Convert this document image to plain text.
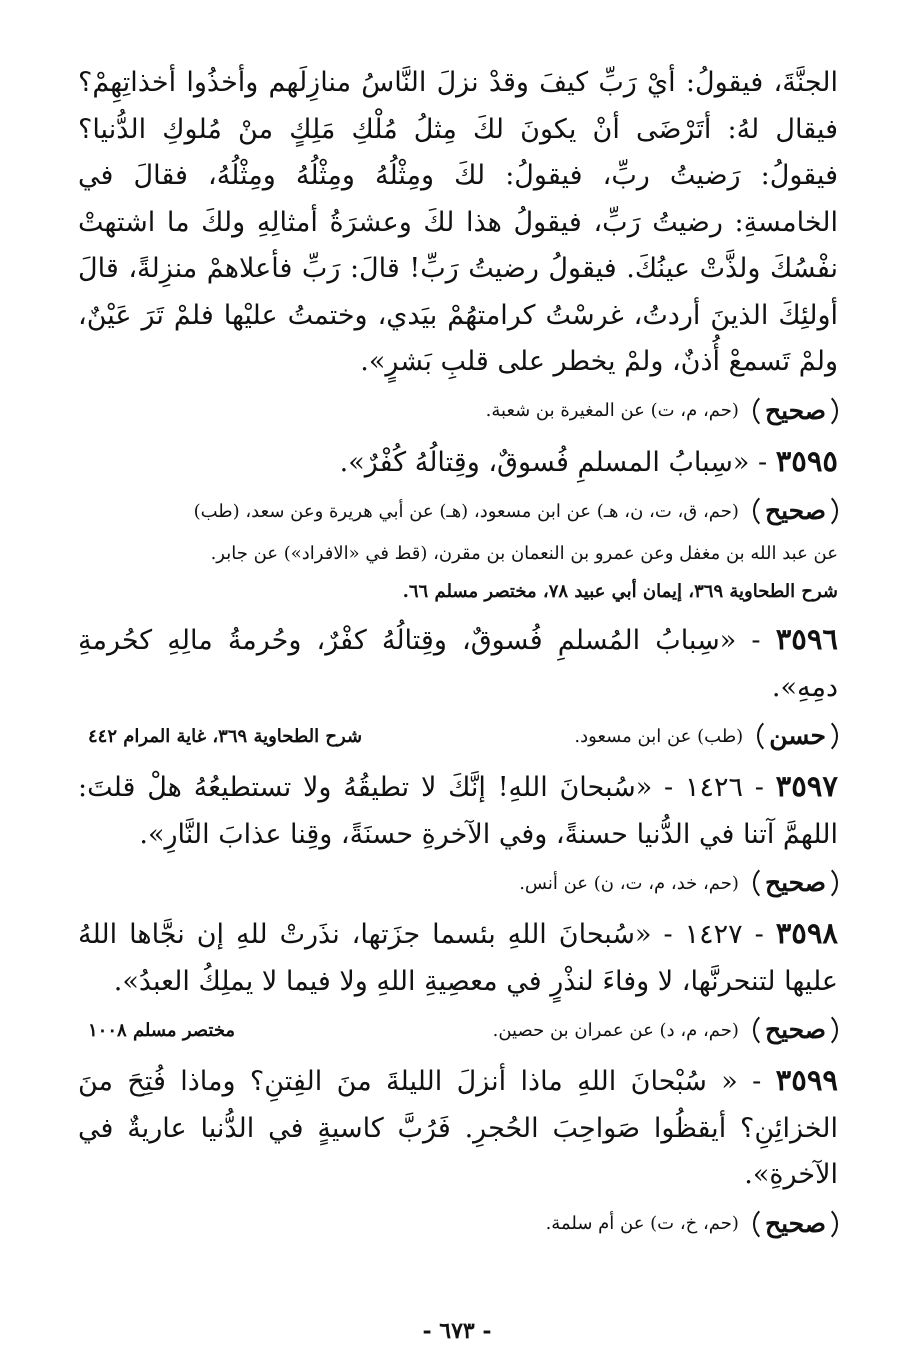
الجنَّةَ، فيقولُ: أيْ رَبِّ كيفَ وقدْ نزلَ النَّاسُ منازِلَهم وأخذُوا أخذاتِهِمْ؟ فيقال لهُ: أتَرْضَى أنْ يكونَ لكَ مِثلُ مُلْكِ مَلِكٍ منْ مُلوكِ الدُّنيا؟ فيقولُ: رَضيتُ ربِّ، فيقولُ: لكَ ومِثْلُهُ ومِثْلُهُ ومِثْلُهُ، فقالَ في الخامسةِ: رضيتُ رَبِّ، فيقولُ هذا لكَ وعشرَةُ أمثالِهِ ولكَ ما اشتهتْ نفْسُكَ ولذَّتْ عينُكَ. فيقولُ رضيتُ رَبِّ! قالَ: رَبِّ فأعلاهمْ منزِلةً، قالَ أولئِكَ الذينَ أردتُ، غرسْتُ كرامتهُمْ بيَدي، وختمتُ عليْها فلمْ تَرَ عَيْنٌ، ولمْ تَسمعْ أُذنٌ، ولمْ يخطر على قلبِ بَشرٍ».

صحيح
(حم، م، ت) عن المغيرة بن شعبة.

٣٥٩٥ - «سِبابُ المسلمِ فُسوقٌ، وقِتالُهُ كُفْرٌ».

صحيح
(حم، ق، ت، ن، هـ) عن ابن مسعود، (هـ) عن أبي هريرة وعن سعد، (طب)
عن عبد الله بن مغفل وعن عمرو بن النعمان بن مقرن، (قط في «الافراد») عن جابر.
شرح الطحاوية ٣٦٩، إيمان أبي عبيد ٧٨، مختصر مسلم ٦٦.

٣٥٩٦ - «سِبابُ المُسلمِ فُسوقٌ، وقِتالُهُ كفْرٌ، وحُرمةُ مالِهِ كحُرمةِ دمِهِ».

حسن
(طب) عن ابن مسعود.
شرح الطحاوية ٣٦٩، غاية المرام ٤٤٢

٣٥٩٧ - ١٤٢٦ - «سُبحانَ اللهِ! إنَّكَ لا تطيقُهُ ولا تستطيعُهُ هلْ قلتَ: اللهمَّ آتنا في الدُّنيا حسنةً، وفي الآخرةِ حسنَةً، وقِنا عذابَ النَّارِ».

صحيح
(حم، خد، م، ت، ن) عن أنس.

٣٥٩٨ - ١٤٢٧ - «سُبحانَ اللهِ بئسما جزَتها، نذَرتْ للهِ إن نجَّاها اللهُ عليها لتنحرنَّها، لا وفاءَ لنذْرٍ في معصِيةِ اللهِ ولا فيما لا يملِكُ العبدُ».

صحيح
(حم، م، د) عن عمران بن حصين.
مختصر مسلم ١٠٠٨

٣٥٩٩ - « سُبْحانَ اللهِ ماذا أنزلَ الليلةَ منَ الفِتنِ؟ وماذا فُتِحَ منَ الخزائِنِ؟ أيقظُوا صَواحِبَ الحُجرِ. فَرُبَّ كاسيةٍ في الدُّنيا عاريةٌ في الآخرةِ».

صحيح
(حم، خ، ت) عن أم سلمة.
- ٦٧٣ -
